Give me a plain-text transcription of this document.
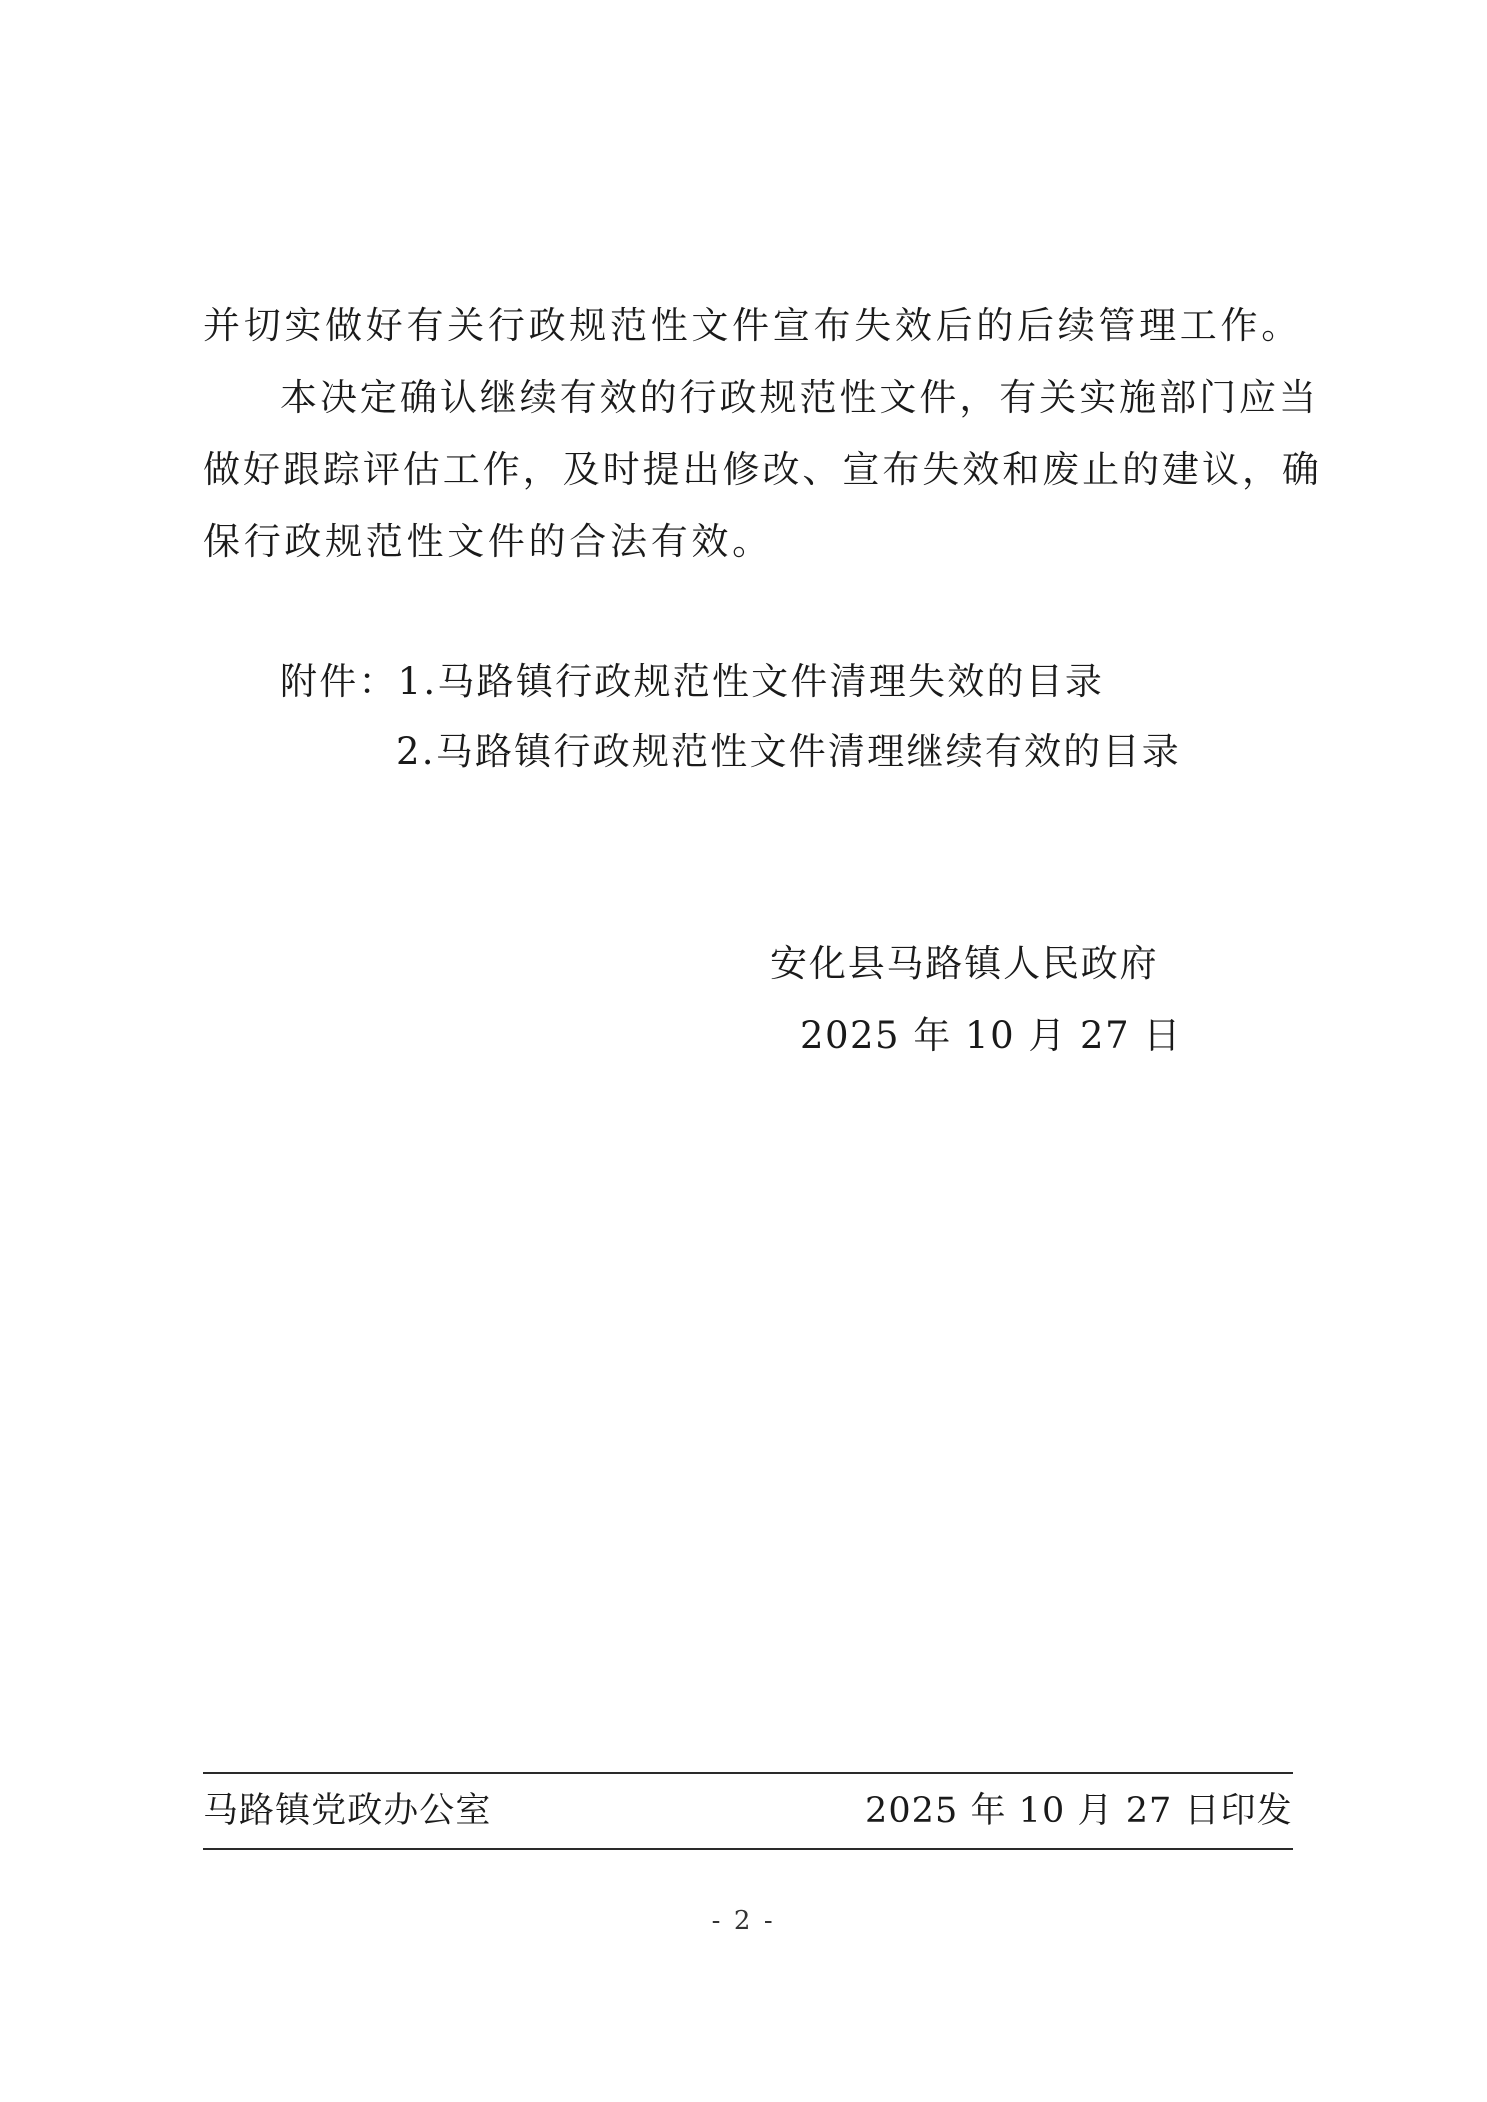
并切实做好有关行政规范性文件宣布失效后的后续管理工作。
本决定确认继续有效的行政规范性文件，有关实施部门应当
做好跟踪评估工作，及时提出修改、宣布失效和废止的建议，确
保行政规范性文件的合法有效。
附件：1.马路镇行政规范性文件清理失效的目录
2.马路镇行政规范性文件清理继续有效的目录
安化县马路镇人民政府
2025 年 10 月 27 日
马路镇党政办公室	2025 年 10 月 27 日印发
- 2 -
